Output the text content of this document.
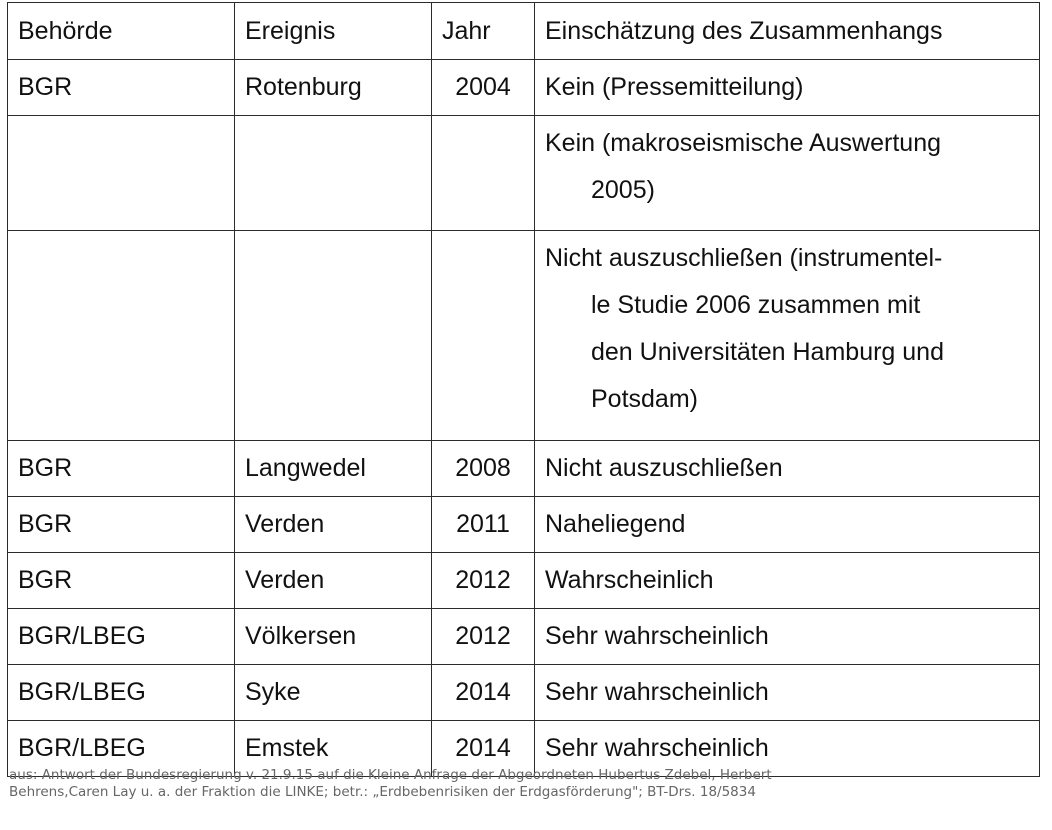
Behörde	Ereignis	Jahr	Einschätzung des Zusammenhangs
BGR	Rotenburg	2004	Kein (Pressemitteilung)

			Kein (makroseismische Auswertung
2005)

			Nicht auszuschließen (instrumentel-
le Studie 2006 zusammen mit
den Universitäten Hamburg und
Potsdam)

BGR	Langwedel	2008	Nicht auszuschließen

BGR	Verden	2011	Naheliegend

BGR	Verden	2012	Wahrscheinlich

BGR/LBEG	Völkersen	2012	Sehr wahrscheinlich

BGR/LBEG	Syke	2014	Sehr wahrscheinlich

BGR/LBEG	Emstek	2014	Sehr wahrscheinlich
aus: Antwort der Bundesregierung v. 21.9.15 auf die Kleine Anfrage der Abgeordneten Hubertus Zdebel, Herbert
Behrens,Caren Lay u. a. der Fraktion die LINKE; betr.: „Erdbebenrisiken der Erdgasförderung"; BT-Drs. 18/5834
